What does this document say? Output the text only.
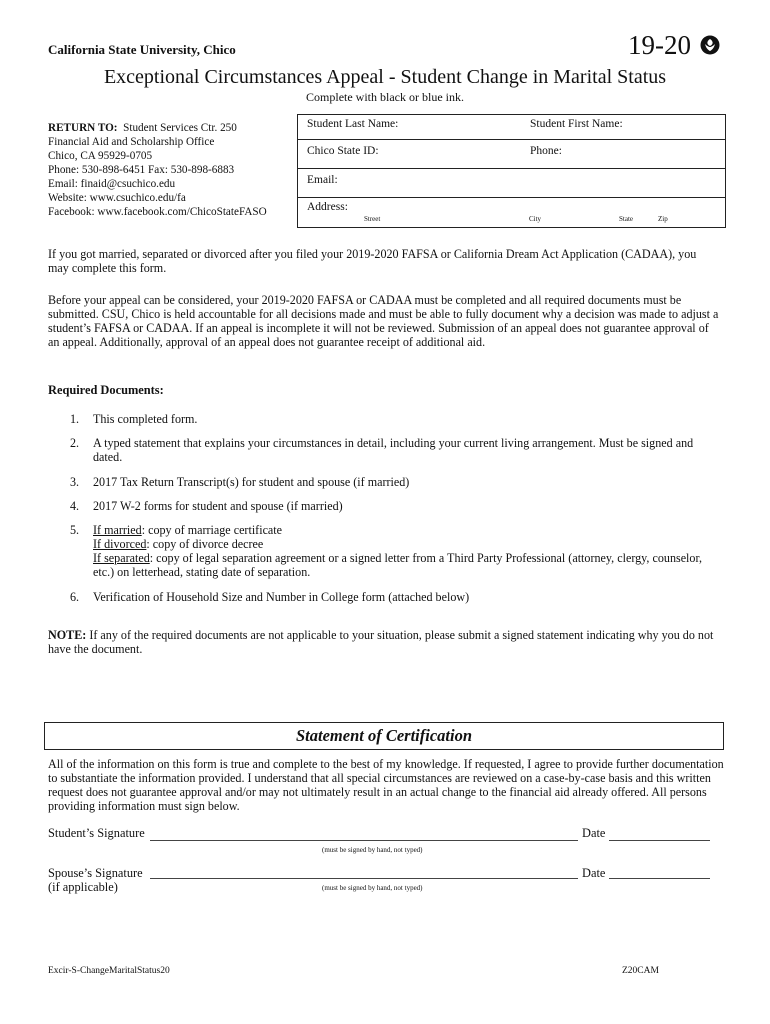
California State University, Chico	19-20
Exceptional Circumstances Appeal - Student Change in Marital Status
Complete with black or blue ink.
RETURN TO: Student Services Ctr. 250
Financial Aid and Scholarship Office
Chico, CA 95929-0705
Phone: 530-898-6451 Fax: 530-898-6883
Email: finaid@csuchico.edu
Website: www.csuchico.edu/fa
Facebook: www.facebook.com/ChicoStateFASO
Student Last Name:	Student First Name:
Chico State ID:	Phone:
Email:
Address:
Street	City	State	Zip
If you got married, separated or divorced after you filed your 2019-2020 FAFSA or California Dream Act Application (CADAA), you may complete this form.
Before your appeal can be considered, your 2019-2020 FAFSA or CADAA must be completed and all required documents must be submitted. CSU, Chico is held accountable for all decisions made and must be able to fully document why a decision was made to adjust a student’s FAFSA or CADAA. If an appeal is incomplete it will not be reviewed. Submission of an appeal does not guarantee approval of an appeal. Additionally, approval of an appeal does not guarantee receipt of additional aid.
Required Documents:
1. This completed form.
2. A typed statement that explains your circumstances in detail, including your current living arrangement. Must be signed and dated.
3. 2017 Tax Return Transcript(s) for student and spouse (if married)
4. 2017 W-2 forms for student and spouse (if married)
5. If married: copy of marriage certificate
If divorced: copy of divorce decree
If separated: copy of legal separation agreement or a signed letter from a Third Party Professional (attorney, clergy, counselor, etc.) on letterhead, stating date of separation.
6. Verification of Household Size and Number in College form (attached below)
NOTE: If any of the required documents are not applicable to your situation, please submit a signed statement indicating why you do not have the document.
Statement of Certification
All of the information on this form is true and complete to the best of my knowledge. If requested, I agree to provide further documentation to substantiate the information provided. I understand that all special circumstances are reviewed on a case-by-case basis and this written request does not guarantee approval and/or may not ultimately result in an actual change to the financial aid already offered. All persons providing information must sign below.
Student’s Signature	Date
(must be signed by hand, not typed)
Spouse’s Signature
(if applicable)
Date
(must be signed by hand, not typed)
Excir-S-ChangeMaritalStatus20	Z20CAM
